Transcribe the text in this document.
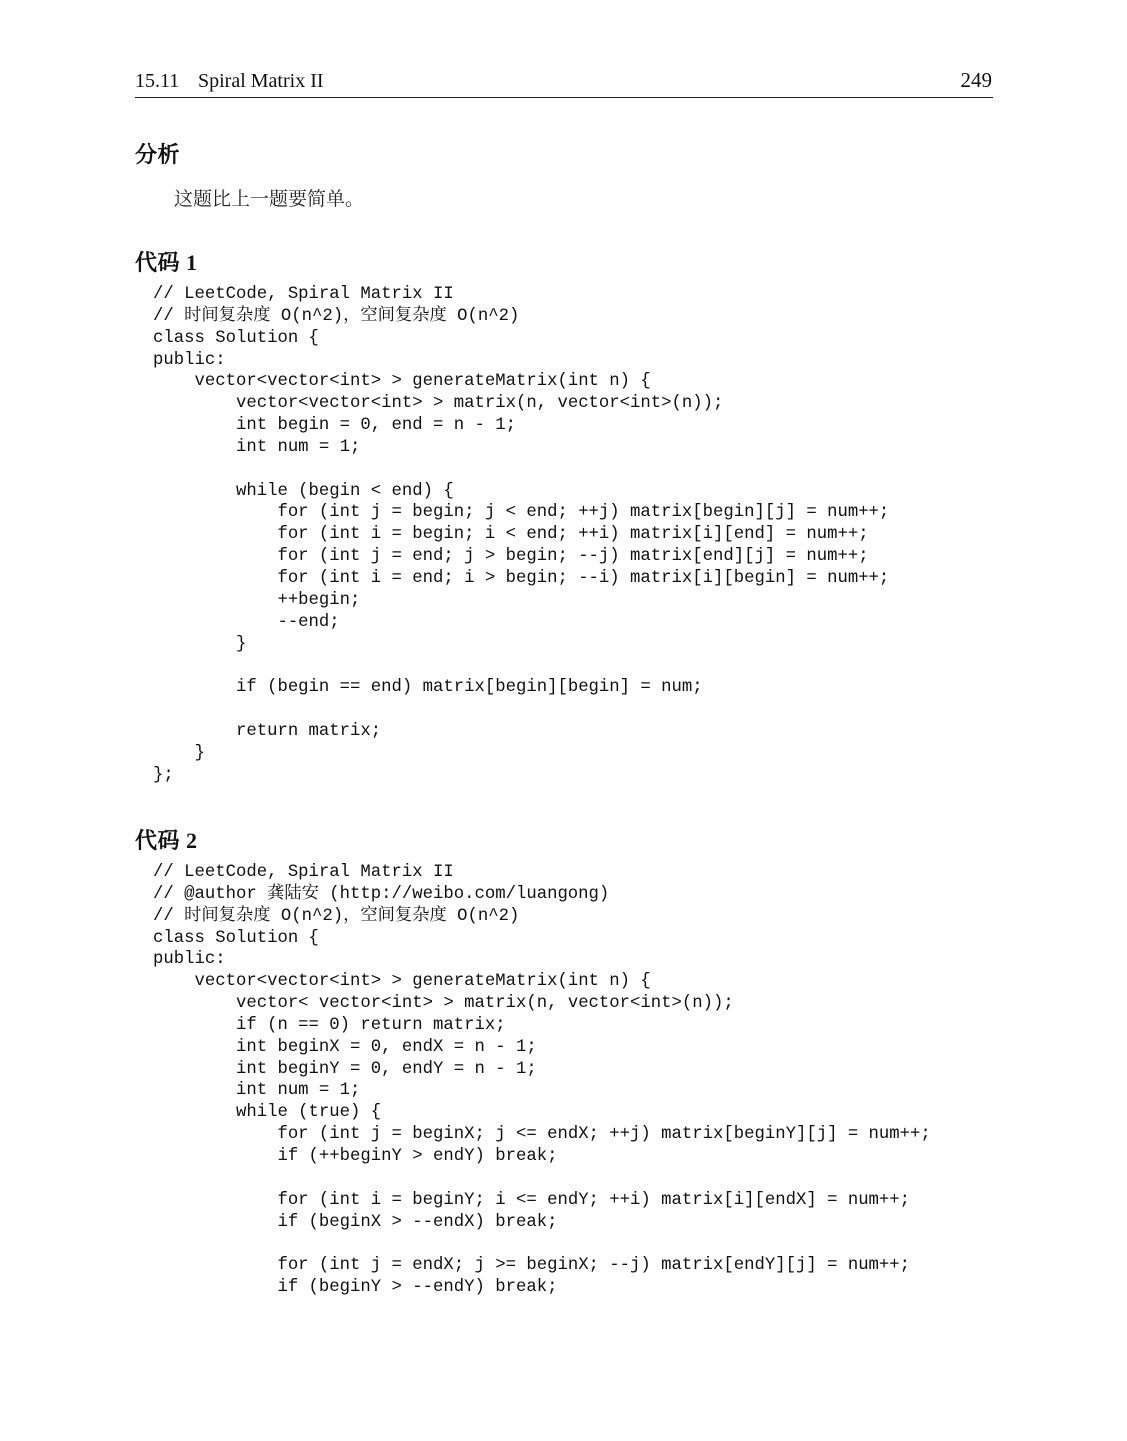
15.11 Spiral Matrix II	249
分析
这题比上一题要简单。
代码 1
// LeetCode, Spiral Matrix II
// 时间复杂度 O(n^2)，空间复杂度 O(n^2)
class Solution {
public:
vector<vector<int> > generateMatrix(int n) {
vector<vector<int> > matrix(n, vector<int>(n));
int begin = 0, end = n - 1;
int num = 1;

while (begin < end) {
for (int j = begin; j < end; ++j) matrix[begin][j] = num++;
for (int i = begin; i < end; ++i) matrix[i][end] = num++;
for (int j = end; j > begin; --j) matrix[end][j] = num++;
for (int i = end; i > begin; --i) matrix[i][begin] = num++;
++begin;
--end;
}

if (begin == end) matrix[begin][begin] = num;

return matrix;
}
};
代码 2
// LeetCode, Spiral Matrix II
// @author 龚陆安 (http://weibo.com/luangong)
// 时间复杂度 O(n^2)，空间复杂度 O(n^2)
class Solution {
public:
vector<vector<int> > generateMatrix(int n) {
vector< vector<int> > matrix(n, vector<int>(n));
if (n == 0) return matrix;
int beginX = 0, endX = n - 1;
int beginY = 0, endY = n - 1;
int num = 1;
while (true) {
for (int j = beginX; j <= endX; ++j) matrix[beginY][j] = num++;
if (++beginY > endY) break;

for (int i = beginY; i <= endY; ++i) matrix[i][endX] = num++;
if (beginX > --endX) break;

for (int j = endX; j >= beginX; --j) matrix[endY][j] = num++;
if (beginY > --endY) break;
